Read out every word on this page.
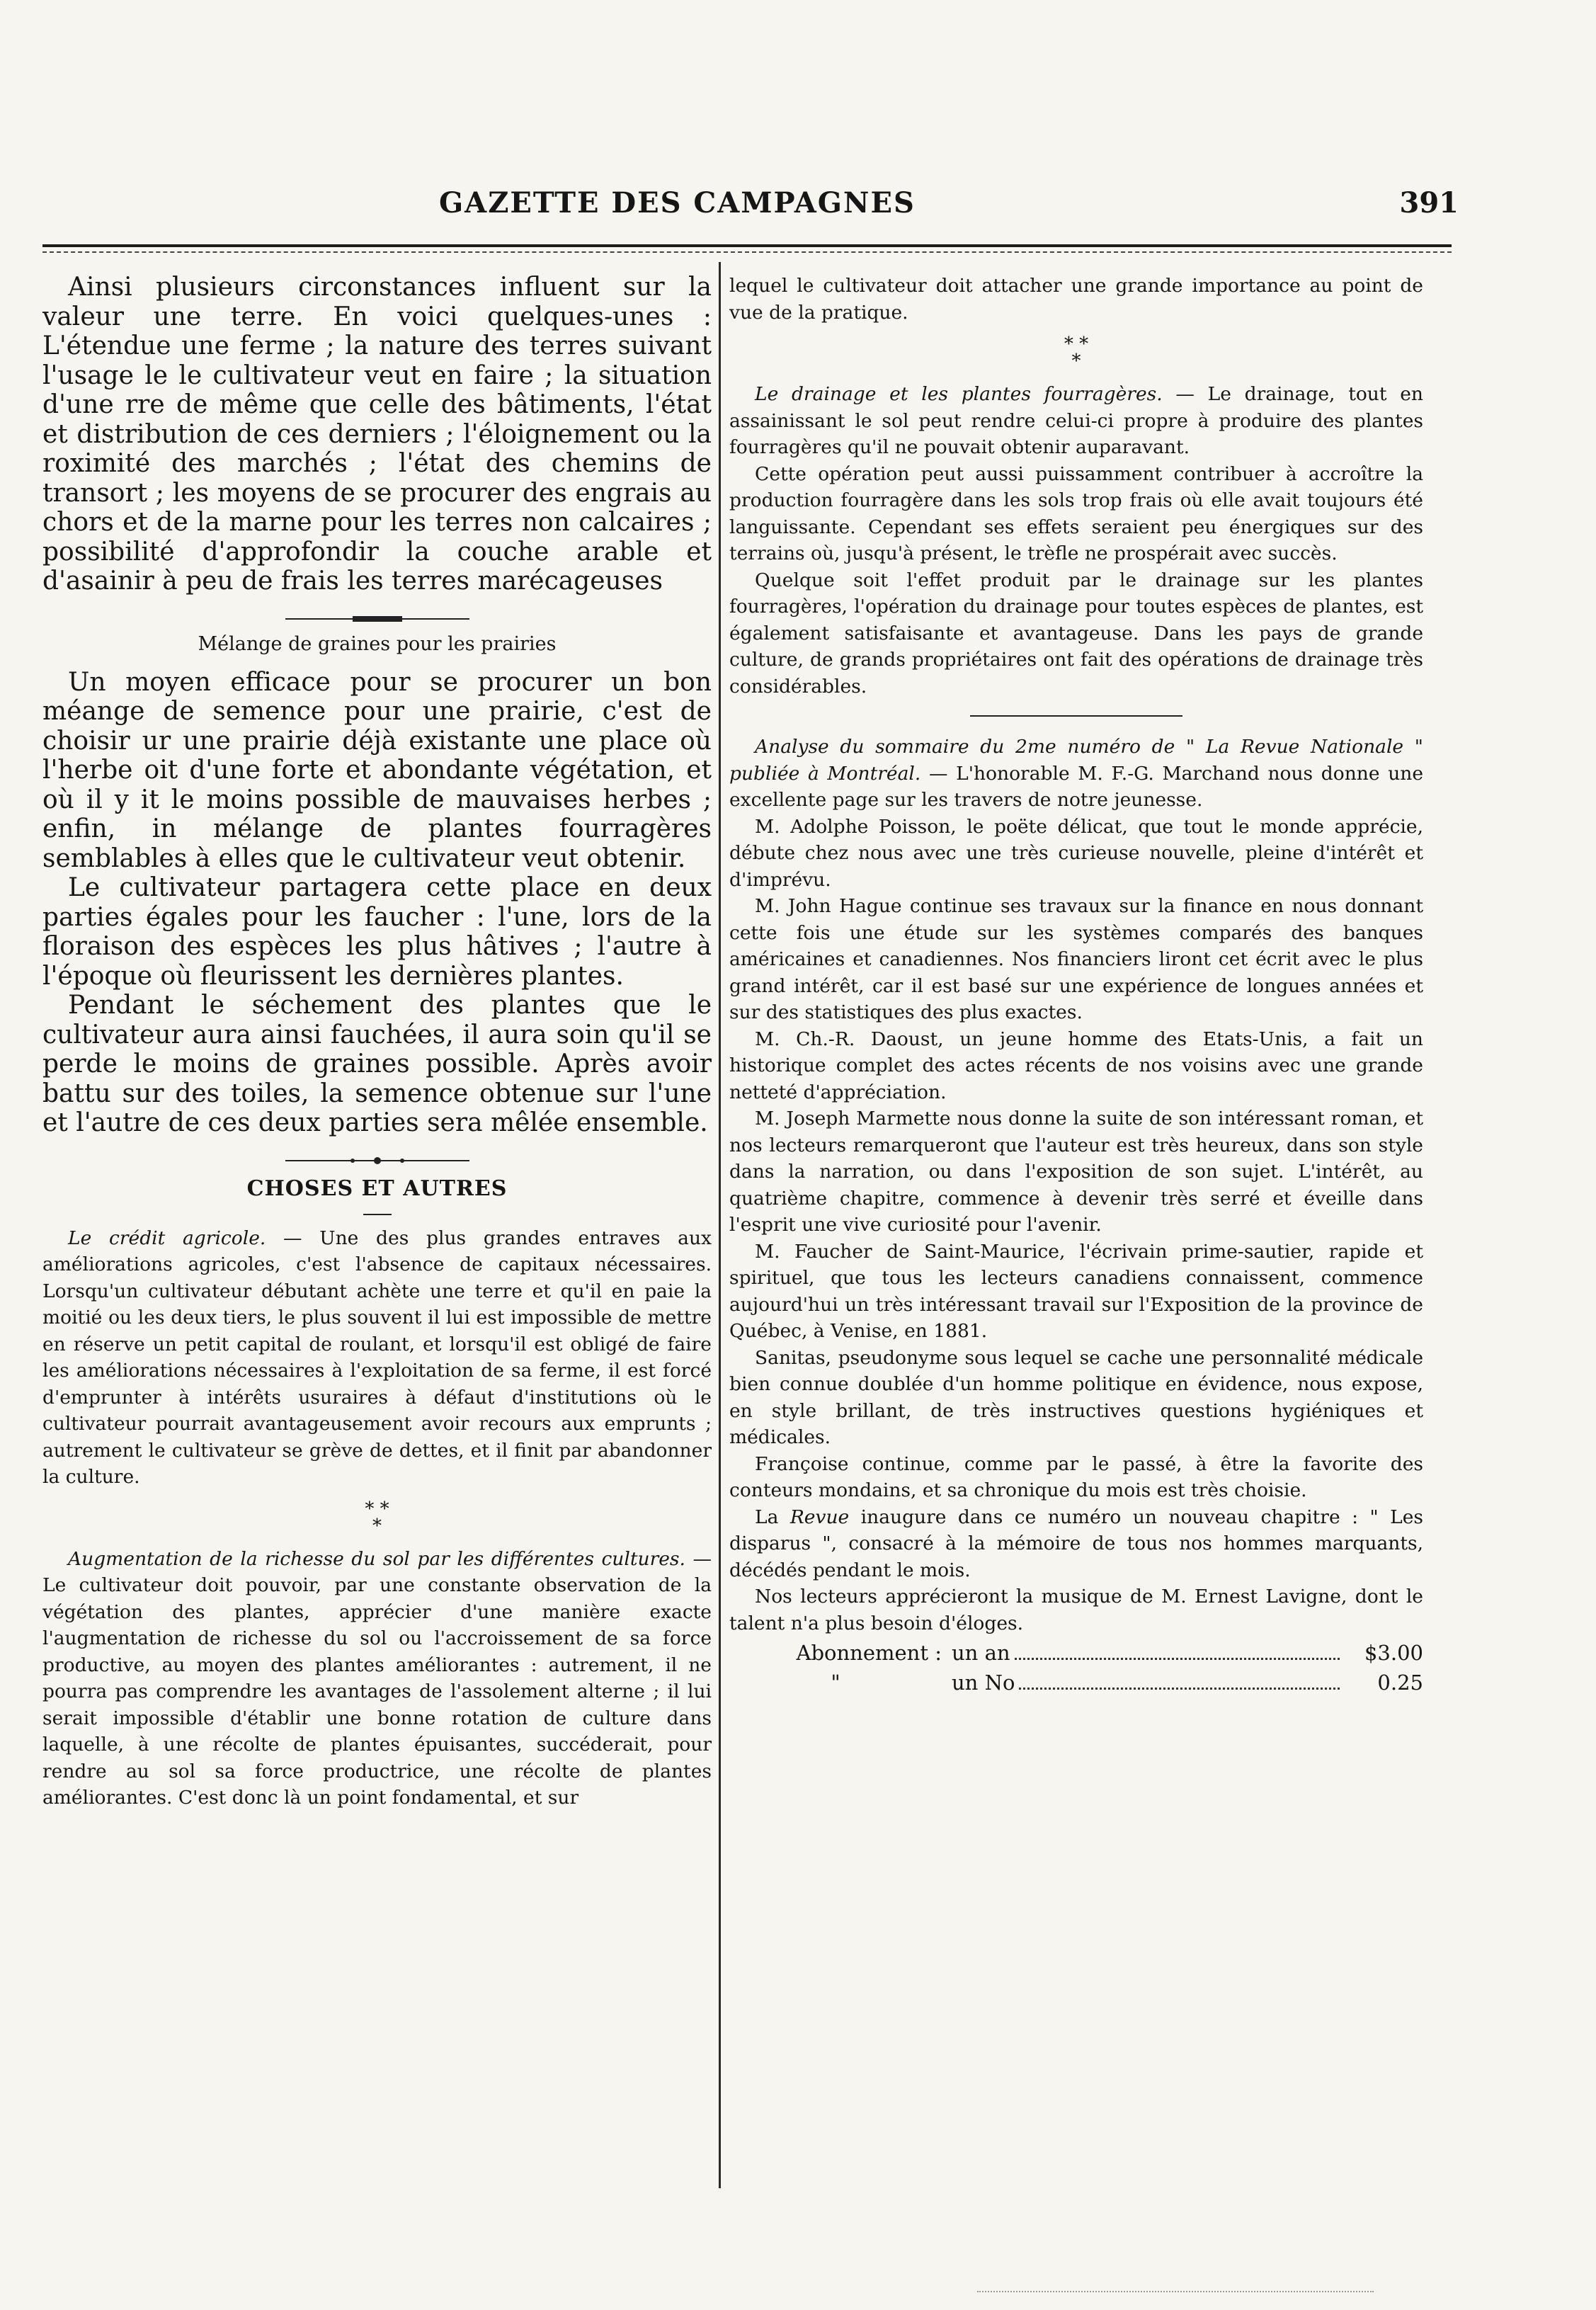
GAZETTE DES CAMPAGNES	391

Ainsi plusieurs circonstances influent sur la valeur une terre. En voici quelques-unes : L'étendue une ferme ; la nature des terres suivant l'usage le le cultivateur veut en faire ; la situation d'une rre de même que celle des bâtiments, l'état et distribution de ces derniers ; l'éloignement ou la roximité des marchés ; l'état des chemins de transort ; les moyens de se procurer des engrais au chors et de la marne pour les terres non calcaires ; possibilité d'approfondir la couche arable et d'asainir à peu de frais les terres marécageuses

Mélange de graines pour les prairies

Un moyen efficace pour se procurer un bon méange de semence pour une prairie, c'est de choisir ur une prairie déjà existante une place où l'herbe oit d'une forte et abondante végétation, et où il y it le moins possible de mauvaises herbes ; enfin, in mélange de plantes fourragères semblables à elles que le cultivateur veut obtenir.

Le cultivateur partagera cette place en deux parties égales pour les faucher : l'une, lors de la floraison des espèces les plus hâtives ; l'autre à l'époque où fleurissent les dernières plantes.

Pendant le séchement des plantes que le cultivateur aura ainsi fauchées, il aura soin qu'il se perde le moins de graines possible. Après avoir battu sur des toiles, la semence obtenue sur l'une et l'autre de ces deux parties sera mêlée ensemble.

CHOSES ET AUTRES

Le crédit agricole. — Une des plus grandes entraves aux améliorations agricoles, c'est l'absence de capitaux nécessaires. Lorsqu'un cultivateur débutant achète une terre et qu'il en paie la moitié ou les deux tiers, le plus souvent il lui est impossible de mettre en réserve un petit capital de roulant, et lorsqu'il est obligé de faire les améliorations nécessaires à l'exploitation de sa ferme, il est forcé d'emprunter à intérêts usuraires à défaut d'institutions où le cultivateur pourrait avantageusement avoir recours aux emprunts ; autrement le cultivateur se grève de dettes, et il finit par abandonner la culture.

* *
*

Augmentation de la richesse du sol par les différentes cultures. — Le cultivateur doit pouvoir, par une constante observation de la végétation des plantes, apprécier d'une manière exacte l'augmentation de richesse du sol ou l'accroissement de sa force productive, au moyen des plantes améliorantes : autrement, il ne pourra pas comprendre les avantages de l'assolement alterne ; il lui serait impossible d'établir une bonne rotation de culture dans laquelle, à une récolte de plantes épuisantes, succéderait, pour rendre au sol sa force productrice, une récolte de plantes améliorantes. C'est donc là un point fondamental, et sur

lequel le cultivateur doit attacher une grande importance au point de vue de la pratique.

* *
*

Le drainage et les plantes fourragères. — Le drainage, tout en assainissant le sol peut rendre celui-ci propre à produire des plantes fourragères qu'il ne pouvait obtenir auparavant.

Cette opération peut aussi puissamment contribuer à accroître la production fourragère dans les sols trop frais où elle avait toujours été languissante. Cependant ses effets seraient peu énergiques sur des terrains où, jusqu'à présent, le trèfle ne prospérait avec succès.

Quelque soit l'effet produit par le drainage sur les plantes fourragères, l'opération du drainage pour toutes espèces de plantes, est également satisfaisante et avantageuse. Dans les pays de grande culture, de grands propriétaires ont fait des opérations de drainage très considérables.

Analyse du sommaire du 2me numéro de " La Revue Nationale " publiée à Montréal. — L'honorable M. F.-G. Marchand nous donne une excellente page sur les travers de notre jeunesse.

M. Adolphe Poisson, le poëte délicat, que tout le monde apprécie, débute chez nous avec une très curieuse nouvelle, pleine d'intérêt et d'imprévu.

M. John Hague continue ses travaux sur la finance en nous donnant cette fois une étude sur les systèmes comparés des banques américaines et canadiennes. Nos financiers liront cet écrit avec le plus grand intérêt, car il est basé sur une expérience de longues années et sur des statistiques des plus exactes.

M. Ch.-R. Daoust, un jeune homme des Etats-Unis, a fait un historique complet des actes récents de nos voisins avec une grande netteté d'appréciation.

M. Joseph Marmette nous donne la suite de son intéressant roman, et nos lecteurs remarqueront que l'auteur est très heureux, dans son style dans la narration, ou dans l'exposition de son sujet. L'intérêt, au quatrième chapitre, commence à devenir très serré et éveille dans l'esprit une vive curiosité pour l'avenir.

M. Faucher de Saint-Maurice, l'écrivain prime-sautier, rapide et spirituel, que tous les lecteurs canadiens connaissent, commence aujourd'hui un très intéressant travail sur l'Exposition de la province de Québec, à Venise, en 1881.

Sanitas, pseudonyme sous lequel se cache une personnalité médicale bien connue doublée d'un homme politique en évidence, nous expose, en style brillant, de très instructives questions hygiéniques et médicales.

Françoise continue, comme par le passé, à être la favorite des conteurs mondains, et sa chronique du mois est très choisie.

La Revue inaugure dans ce numéro un nouveau chapitre : " Les disparus ", consacré à la mémoire de tous nos hommes marquants, décédés pendant le mois.

Nos lecteurs apprécieront la musique de M. Ernest Lavigne, dont le talent n'a plus besoin d'éloges.

Abonnement : un an	$3.00
"	un No	0.25
